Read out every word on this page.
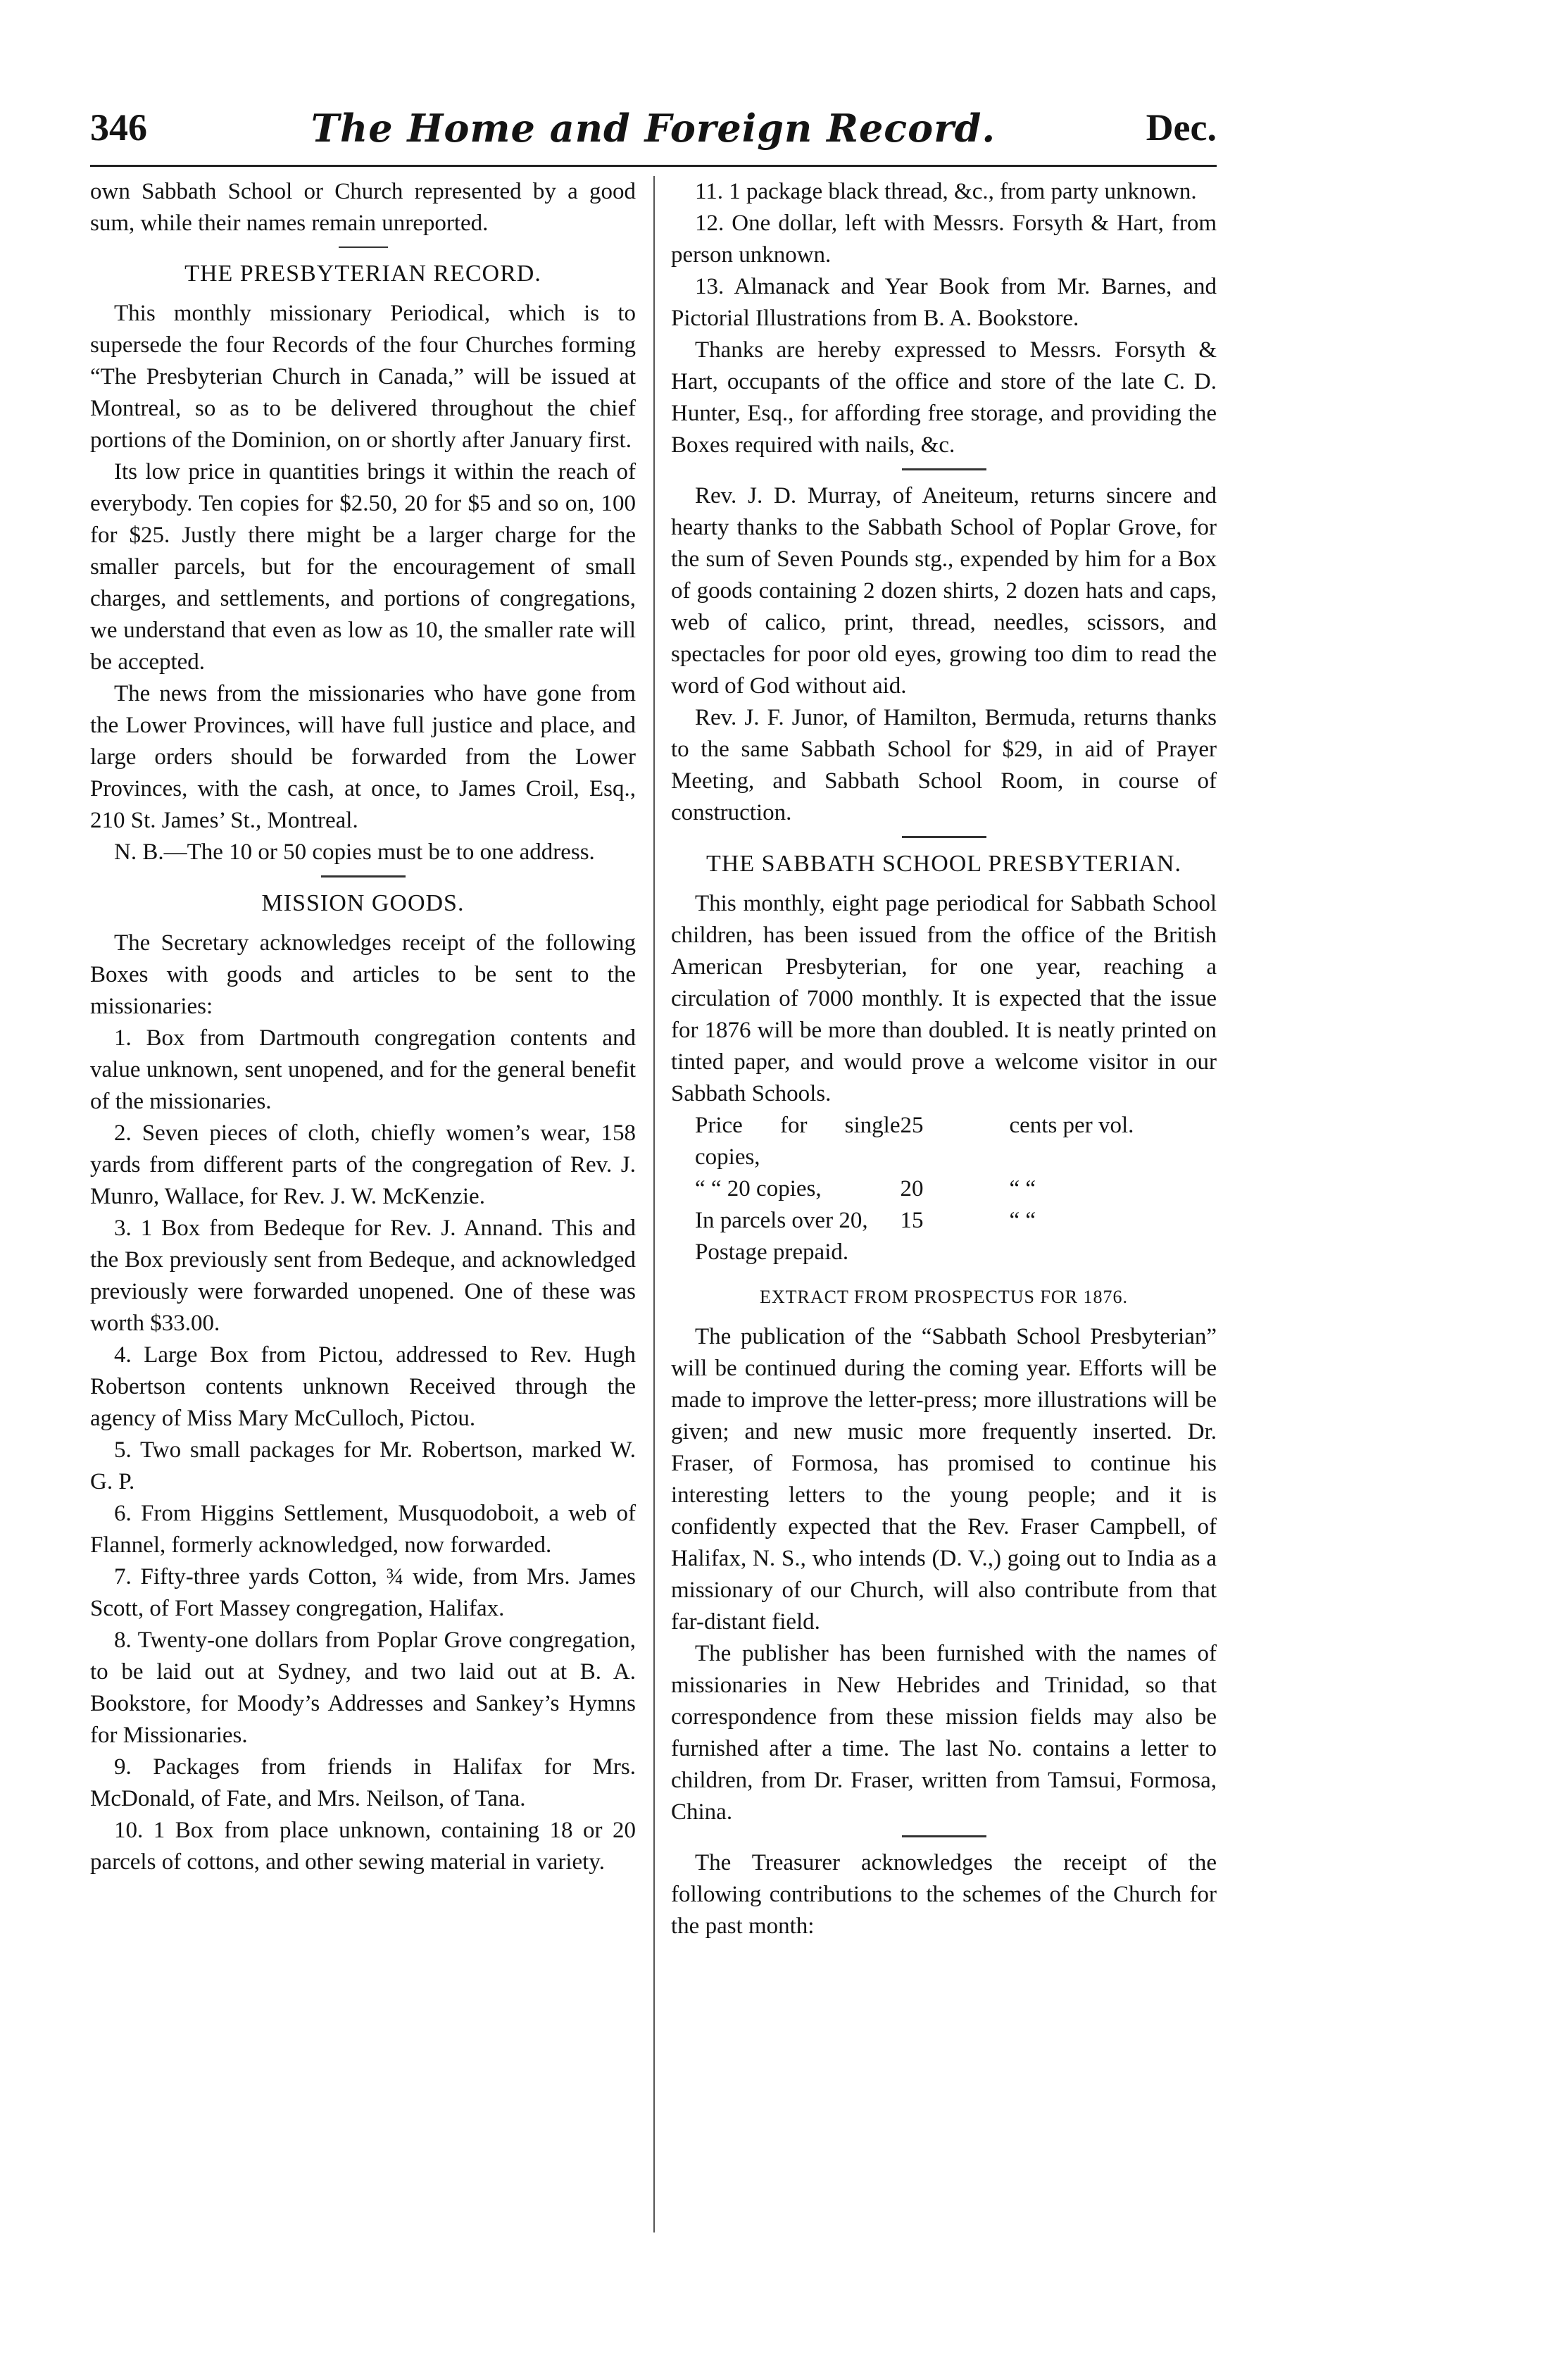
346	The Home and Foreign Record.	Dec.

own Sabbath School or Church represented by a good sum, while their names remain unreported.

THE PRESBYTERIAN RECORD.

This monthly missionary Periodical, which is to supersede the four Records of the four Churches forming “The Presbyterian Church in Canada,” will be issued at Montreal, so as to be delivered throughout the chief portions of the Dominion, on or shortly after January first.

Its low price in quantities brings it within the reach of everybody. Ten copies for $2.50, 20 for $5 and so on, 100 for $25. Justly there might be a larger charge for the smaller parcels, but for the encouragement of small charges, and settlements, and portions of congregations, we understand that even as low as 10, the smaller rate will be accepted.

The news from the missionaries who have gone from the Lower Provinces, will have full justice and place, and large orders should be forwarded from the Lower Provinces, with the cash, at once, to James Croil, Esq., 210 St. James’ St., Montreal.

N. B.—The 10 or 50 copies must be to one address.

MISSION GOODS.

The Secretary acknowledges receipt of the following Boxes with goods and articles to be sent to the missionaries:

1. Box from Dartmouth congregation contents and value unknown, sent unopened, and for the general benefit of the missionaries.

2. Seven pieces of cloth, chiefly women’s wear, 158 yards from different parts of the congregation of Rev. J. Munro, Wallace, for Rev. J. W. McKenzie.

3. 1 Box from Bedeque for Rev. J. Annand. This and the Box previously sent from Bedeque, and acknowledged previously were forwarded unopened. One of these was worth $33.00.

4. Large Box from Pictou, addressed to Rev. Hugh Robertson contents unknown Received through the agency of Miss Mary McCulloch, Pictou.

5. Two small packages for Mr. Robertson, marked W. G. P.

6. From Higgins Settlement, Musquodoboit, a web of Flannel, formerly acknowledged, now forwarded.

7. Fifty-three yards Cotton, ¾ wide, from Mrs. James Scott, of Fort Massey congregation, Halifax.

8. Twenty-one dollars from Poplar Grove congregation, to be laid out at Sydney, and two laid out at B. A. Bookstore, for Moody’s Addresses and Sankey’s Hymns for Missionaries.

9. Packages from friends in Halifax for Mrs. McDonald, of Fate, and Mrs. Neilson, of Tana.

10. 1 Box from place unknown, containing 18 or 20 parcels of cottons, and other sewing material in variety.

11. 1 package black thread, &c., from party unknown.

12. One dollar, left with Messrs. Forsyth & Hart, from person unknown.

13. Almanack and Year Book from Mr. Barnes, and Pictorial Illustrations from B. A. Bookstore.

Thanks are hereby expressed to Messrs. Forsyth & Hart, occupants of the office and store of the late C. D. Hunter, Esq., for affording free storage, and providing the Boxes required with nails, &c.

Rev. J. D. Murray, of Aneiteum, returns sincere and hearty thanks to the Sabbath School of Poplar Grove, for the sum of Seven Pounds stg., expended by him for a Box of goods containing 2 dozen shirts, 2 dozen hats and caps, web of calico, print, thread, needles, scissors, and spectacles for poor old eyes, growing too dim to read the word of God without aid.

Rev. J. F. Junor, of Hamilton, Bermuda, returns thanks to the same Sabbath School for $29, in aid of Prayer Meeting, and Sabbath School Room, in course of construction.

THE SABBATH SCHOOL PRESBYTERIAN.

This monthly, eight page periodical for Sabbath School children, has been issued from the office of the British American Presbyterian, for one year, reaching a circulation of 7000 monthly. It is expected that the issue for 1876 will be more than doubled. It is neatly printed on tinted paper, and would prove a welcome visitor in our Sabbath Schools.

Price for single copies,	25	cents per vol.
“ “ 20 copies,	20	“ “
In parcels over 20,	15	“ “

Postage prepaid.

EXTRACT FROM PROSPECTUS FOR 1876.

The publication of the “Sabbath School Presbyterian” will be continued during the coming year. Efforts will be made to improve the letter-press; more illustrations will be given; and new music more frequently inserted. Dr. Fraser, of Formosa, has promised to continue his interesting letters to the young people; and it is confidently expected that the Rev. Fraser Campbell, of Halifax, N. S., who intends (D. V.,) going out to India as a missionary of our Church, will also contribute from that far-distant field.

The publisher has been furnished with the names of missionaries in New Hebrides and Trinidad, so that correspondence from these mission fields may also be furnished after a time. The last No. contains a letter to children, from Dr. Fraser, written from Tamsui, Formosa, China.

The Treasurer acknowledges the receipt of the following contributions to the schemes of the Church for the past month:
